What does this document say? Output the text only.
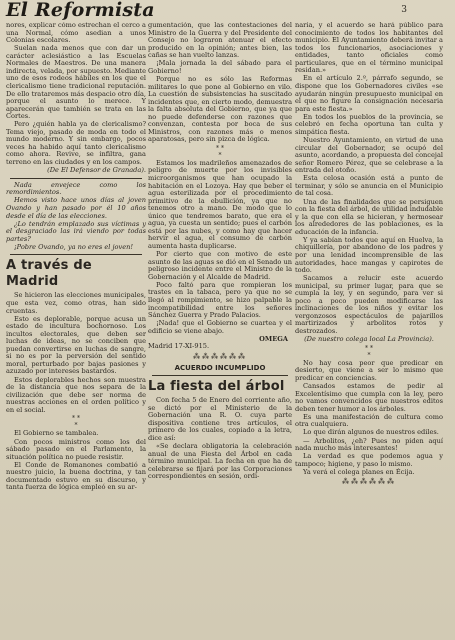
El Reformista	3

nores, explicar cómo estrechan el cerco a una Normal, cómo asedian a unos Colonias escolares.

Suelan nada menos que con dar un carácter aclesiástico a las Escuelas Normales de Maestros. De una manera indirecta, velada, por supuesto. Mediante uno de esos rodeos hábiles en los que el clericalismo tiene tradicional reputación. De ello trataremos más despacio otro día, porque el asunto lo merece. Y aparecerán que también se trata en las Cortes.

Pero ¿quién habla ya de clericalismo? Tema viejo, pasado de moda en todo el mundo moderno. Y sin embargo, pocos veces ha habido aquí tanto clericalismo como ahora. Revive, se infiltra, gana terreno en las ciudades y en los campos.

(De El Defensor de Granada).

Nada envejece como los remordimientos.

Hemos visto hace unos días al joven Ovando y han pasado por él 10 años desde el día de las elecciones.

¿Lo tendrán emplazado sus víctimas y el desgraciado las irá viendo por todas partes?

¡Pobre Ovando, ya no eres el joven!

A través de Madrid

Se hicieron las elecciones municipales, que esta vez, como otras, han sido cruentas.

Esto es deplorable, porque acusa un estado de incultura bochornoso. Los incultos electorales, que deben ser luchas de ideas, no se conciben que puedan convertirse en luchas de sangre, si no es por la perversión del sentido moral, perturbado por bajas pasiones y azuzado por intereses bastardos.

Estos deplorables hechos son muestra de la distancia que nos separa de la civilización que debe ser norma de nuestras acciones en el orden político y en el social.

* *
*

El Gobierno se tambalea.

Con pocos ministros como los del sábado pasado en el Parlamento, la situación política no puede resistir.

El Conde de Romanones combatió a nuestro juicio, la buena doctrina, y tan documentado estuvo en su discurso, y tanta fuerza de lógica empleó en su ar-

gumentación, que las contestaciones del Ministro de la Guerra y del Presidente del Consejo no lograron atenuar el efecto producido en la opinión; antes bien, las cañas se han vuelto lanzas.

¡Mala jornada la del sábado para el Gobierno!

Porque no es sólo las Reformas militares lo que pone al Gobierno en vilo. La cuestión de subsistencias ha suscitado incidentes que, en cierto modo, demuestra la falta absoluta del Gobierno, que ya que no puede defenderse con razones que convenzan, contesta por boca de sus Ministros, con razones más o menos aparatosas, pero sin pizca de lógica.

* *
*

Estamos los madrileños amenazados de peligro de muerte por los invisibles microorganismos que han ocupado la habitación en el Lozoya. Hay que beber el agua esterilizada por el procedimiento primitivo de la ebullición, ya que no tenemos otro a mano. De modo que lo único que tendremos barato, que era el agua, ya cuesta un sentido; pues el carbón está por las nubes, y como hay que hacer hervir el agua, el consumo de carbón aumenta hasta duplicarse.

Por cierto que con motivo de este asunto de las aguas se dió en el Senado un peligroso incidente entre el Ministro de la Gobernación y el Alcalde de Madrid.

Poco faltó para que rompieran los trastes en la tabaca, pero ya que no se llegó al rompimiento, se hizo palpable la incompatibilidad entre los señores Sánchez Guerra y Prado Palacios.

¡Nada! que el Gobierno se cuartea y el edificio se viene abajo.

OMEGA

Madrid 17-XI-915.

⁂⁂⁂⁂⁂⁂
ACUERDO INCUMPLIDO
La fiesta del árbol

Con fecha 5 de Enero del corriente año, se dictó por el Ministerio de la Gobernación una R. O. cuya parte dispositiva contiene tres artículos, el primero de los cuales, copiado a la letra, dice así:

«Se declara obligatoria la celebración anual de una Fiesta del Árbol en cada término municipal. La fecha en que ha de celebrarse se fijará por las Corporaciones correspondientes en sesión, ordi-

naria, y el acuerdo se hará público para conocimiento de todos los habitantes del municipio. El Ayuntamiento deberá invitar a todos los funcionarios, asociaciones y entidades, tanto oficiales como particulares, que en el término municipal residan.»

En el artículo 2.º, párrafo segundo, se dispone que los Gobernadores civiles «se ayudarán ningún presupuesto municipal en el que no figure la consignación necesaria para este fiesta.»

En todos los pueblos de la provincia, se celebró en fecha oportuna tan culta y simpática fiesta.

Nuestro Ayuntamiento, en virtud de una circular del Gobernador, se ocupó del asunto, acordando, a propuesta del concejal señor Romero Pérez, que se celebrase a la entrada del otoño.

Esta celosa ocasión está a punto de terminar, y sólo se anuncia en el Municipio de tal cosa.

Una de las finalidades que se persiguen con la fiesta del árbol, de utilidad indudable y la que con ella se hicieran, y hermosear los alrededores de las poblaciones, es la educación de la infancia.

Y ya sabían todos que aquí en Huelva, la chiquillería, por abandono de los padres y por una lenidad incomprensible de las autoridades, hace mangas y capirotes de todo.

Sacamos a relucir este acuerdo municipal, su primer lugar, para que se cumpla la ley, y en segundo, para ver si poco a poco pueden modificarse las inclinaciones de los niños y evitar los vergonzosos espectáculos de pajarillos martirizados y arbolitos rotos y destrozados.

(De nuestro colega local La Provincia).

* *
*

No hay cosa peor que predicar en desierto, que viene a ser lo mismo que predicar en conciencias.

Cansados estamos de pedir al Excelentísimo que cumpla con la ley, pero no vamos convencidos que nuestros editos deben tener humor a los árboles.

Es una manifestación de cultura como otra cualquiera.

Lo que dirán algunos de nuestros ediles.

— Arbolitos, ¿eh? Pues no piden aquí nada mucho más interesantes!

La verdad es que podemos agua y tampoco; higiene, y paso lo mismo.

Ya verá el colega planes en Écija.

⁂⁂⁂⁂⁂⁂
